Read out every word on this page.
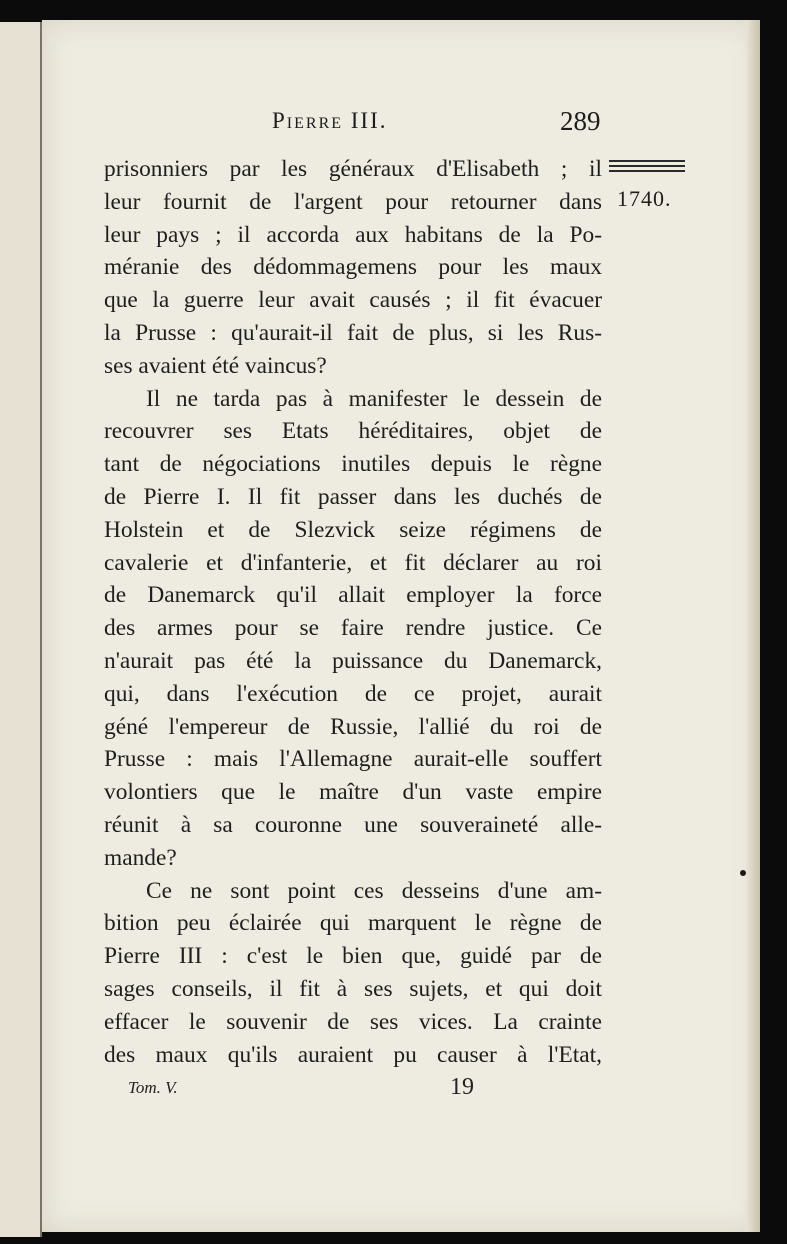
Pierre III.	289
1740.
prisonniers par les généraux d'Elisabeth ; il
leur fournit de l'argent pour retourner dans
leur pays ; il accorda aux habitans de la Po-
méranie des dédommagemens pour les maux
que la guerre leur avait causés ; il fit évacuer
la Prusse : qu'aurait-il fait de plus, si les Rus-
ses avaient été vaincus?
Il ne tarda pas à manifester le dessein de
recouvrer ses Etats héréditaires, objet de
tant de négociations inutiles depuis le règne
de Pierre I. Il fit passer dans les duchés de
Holstein et de Slezvick seize régimens de
cavalerie et d'infanterie, et fit déclarer au roi
de Danemarck qu'il allait employer la force
des armes pour se faire rendre justice. Ce
n'aurait pas été la puissance du Danemarck,
qui, dans l'exécution de ce projet, aurait
géné l'empereur de Russie, l'allié du roi de
Prusse : mais l'Allemagne aurait-elle souffert
volontiers que le maître d'un vaste empire
réunit à sa couronne une souveraineté alle-
mande?
Ce ne sont point ces desseins d'une am-
bition peu éclairée qui marquent le règne de
Pierre III : c'est le bien que, guidé par de
sages conseils, il fit à ses sujets, et qui doit
effacer le souvenir de ses vices. La crainte
des maux qu'ils auraient pu causer à l'Etat,
Tom. V.	19
